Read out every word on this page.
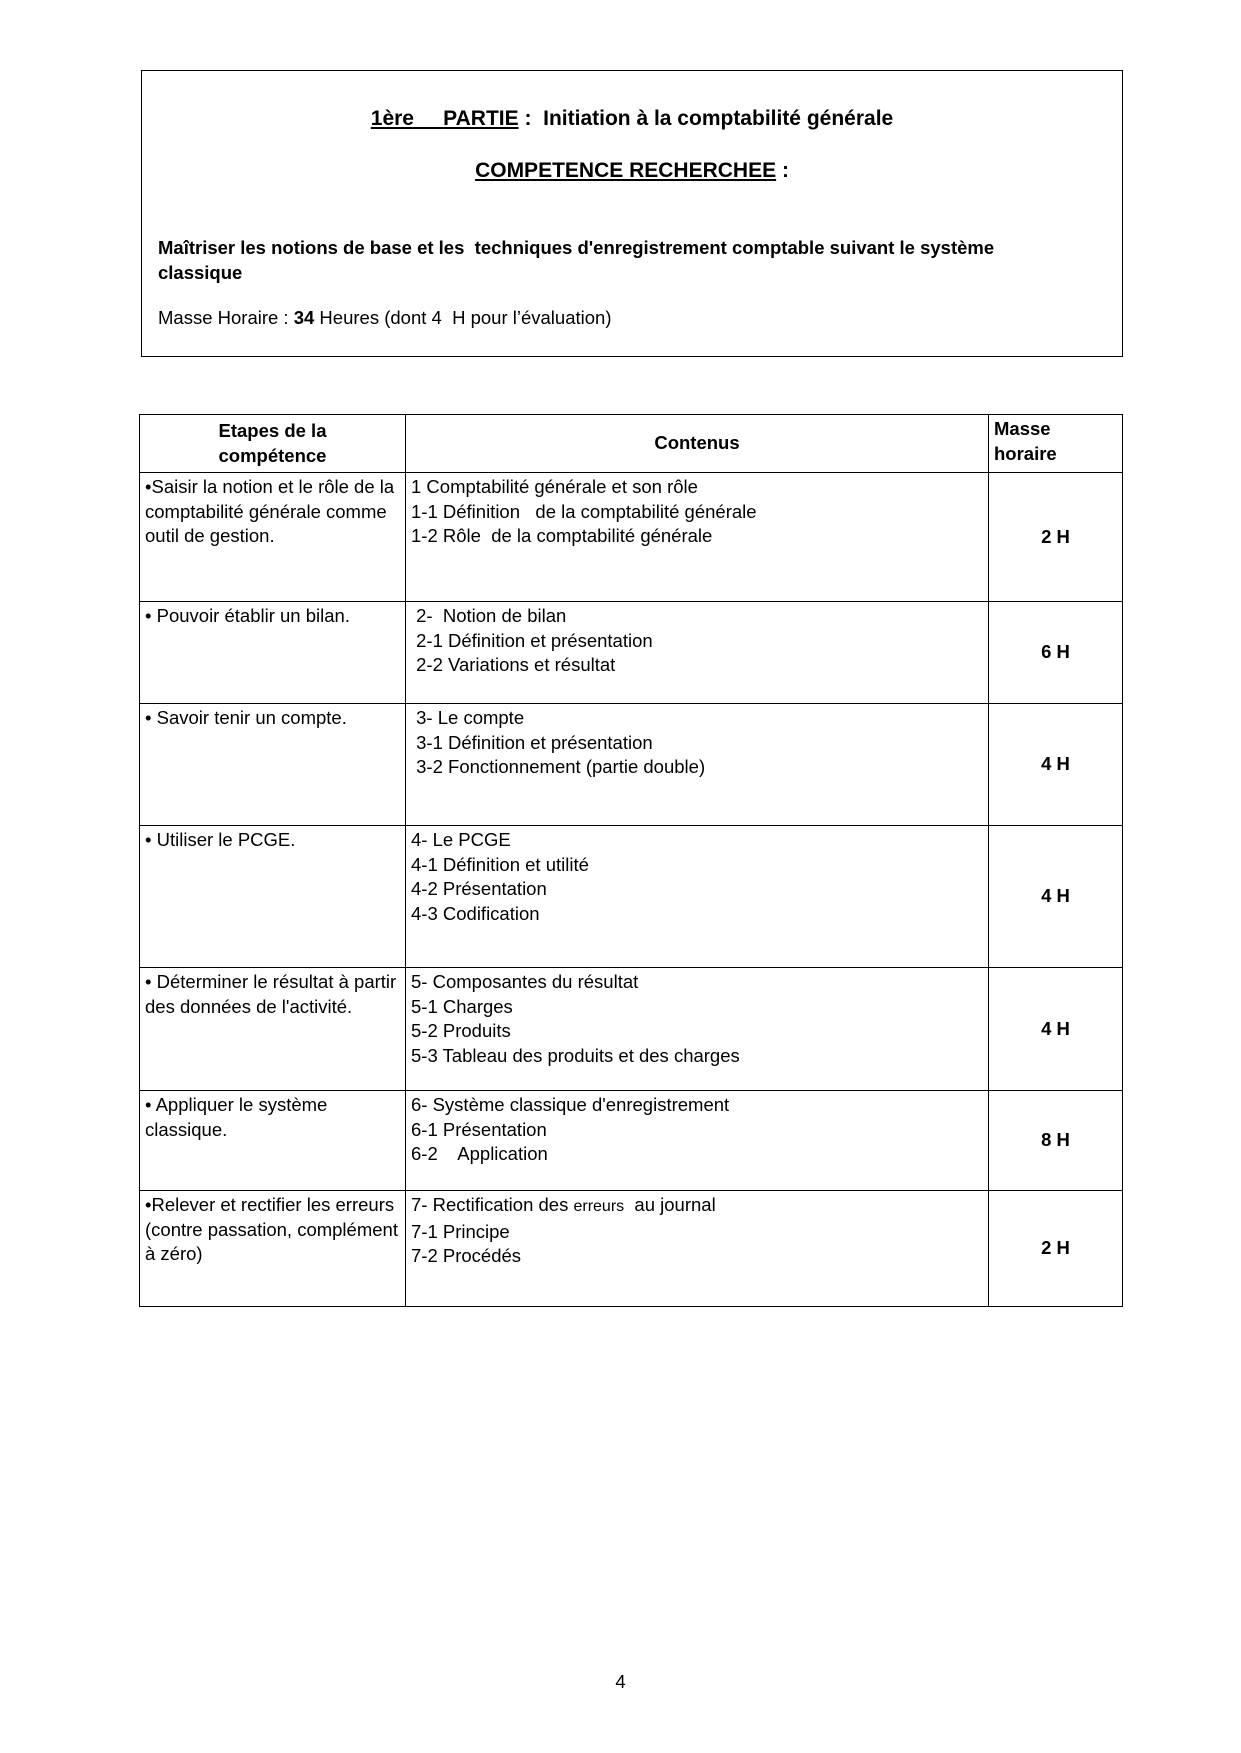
1ère PARTIE :  Initiation à la comptabilité générale
COMPETENCE RECHERCHEE :
Maîtriser les notions de base et les  techniques d'enregistrement comptable suivant le système classique
Masse Horaire : 34 Heures (dont 4  H pour l’évaluation)
Etapes de la compétence	Contenus	Masse horaire
•Saisir la notion et le rôle de la comptabilité générale comme outil de gestion.	1 Comptabilité générale et son rôle
1-1 Définition   de la comptabilité générale
1-2 Rôle  de la comptabilité générale	2 H
• Pouvoir établir un bilan.	2-  Notion de bilan
2-1 Définition et présentation
2-2 Variations et résultat	6 H
• Savoir tenir un compte.	3- Le compte
3-1 Définition et présentation
3-2 Fonctionnement (partie double)	4 H
• Utiliser le PCGE.	4- Le PCGE
4-1 Définition et utilité
4-2 Présentation
4-3 Codification	4 H
• Déterminer le résultat à partir des données de l'activité.	5- Composantes du résultat
5-1 Charges
5-2 Produits
5-3 Tableau des produits et des charges	4 H
• Appliquer le système classique.	6- Système classique d'enregistrement
6-1 Présentation
6-2    Application	8 H
•Relever et rectifier les erreurs (contre passation, complément à zéro)	7- Rectification des erreurs  au journal
7-1 Principe
7-2 Procédés	2 H
4
